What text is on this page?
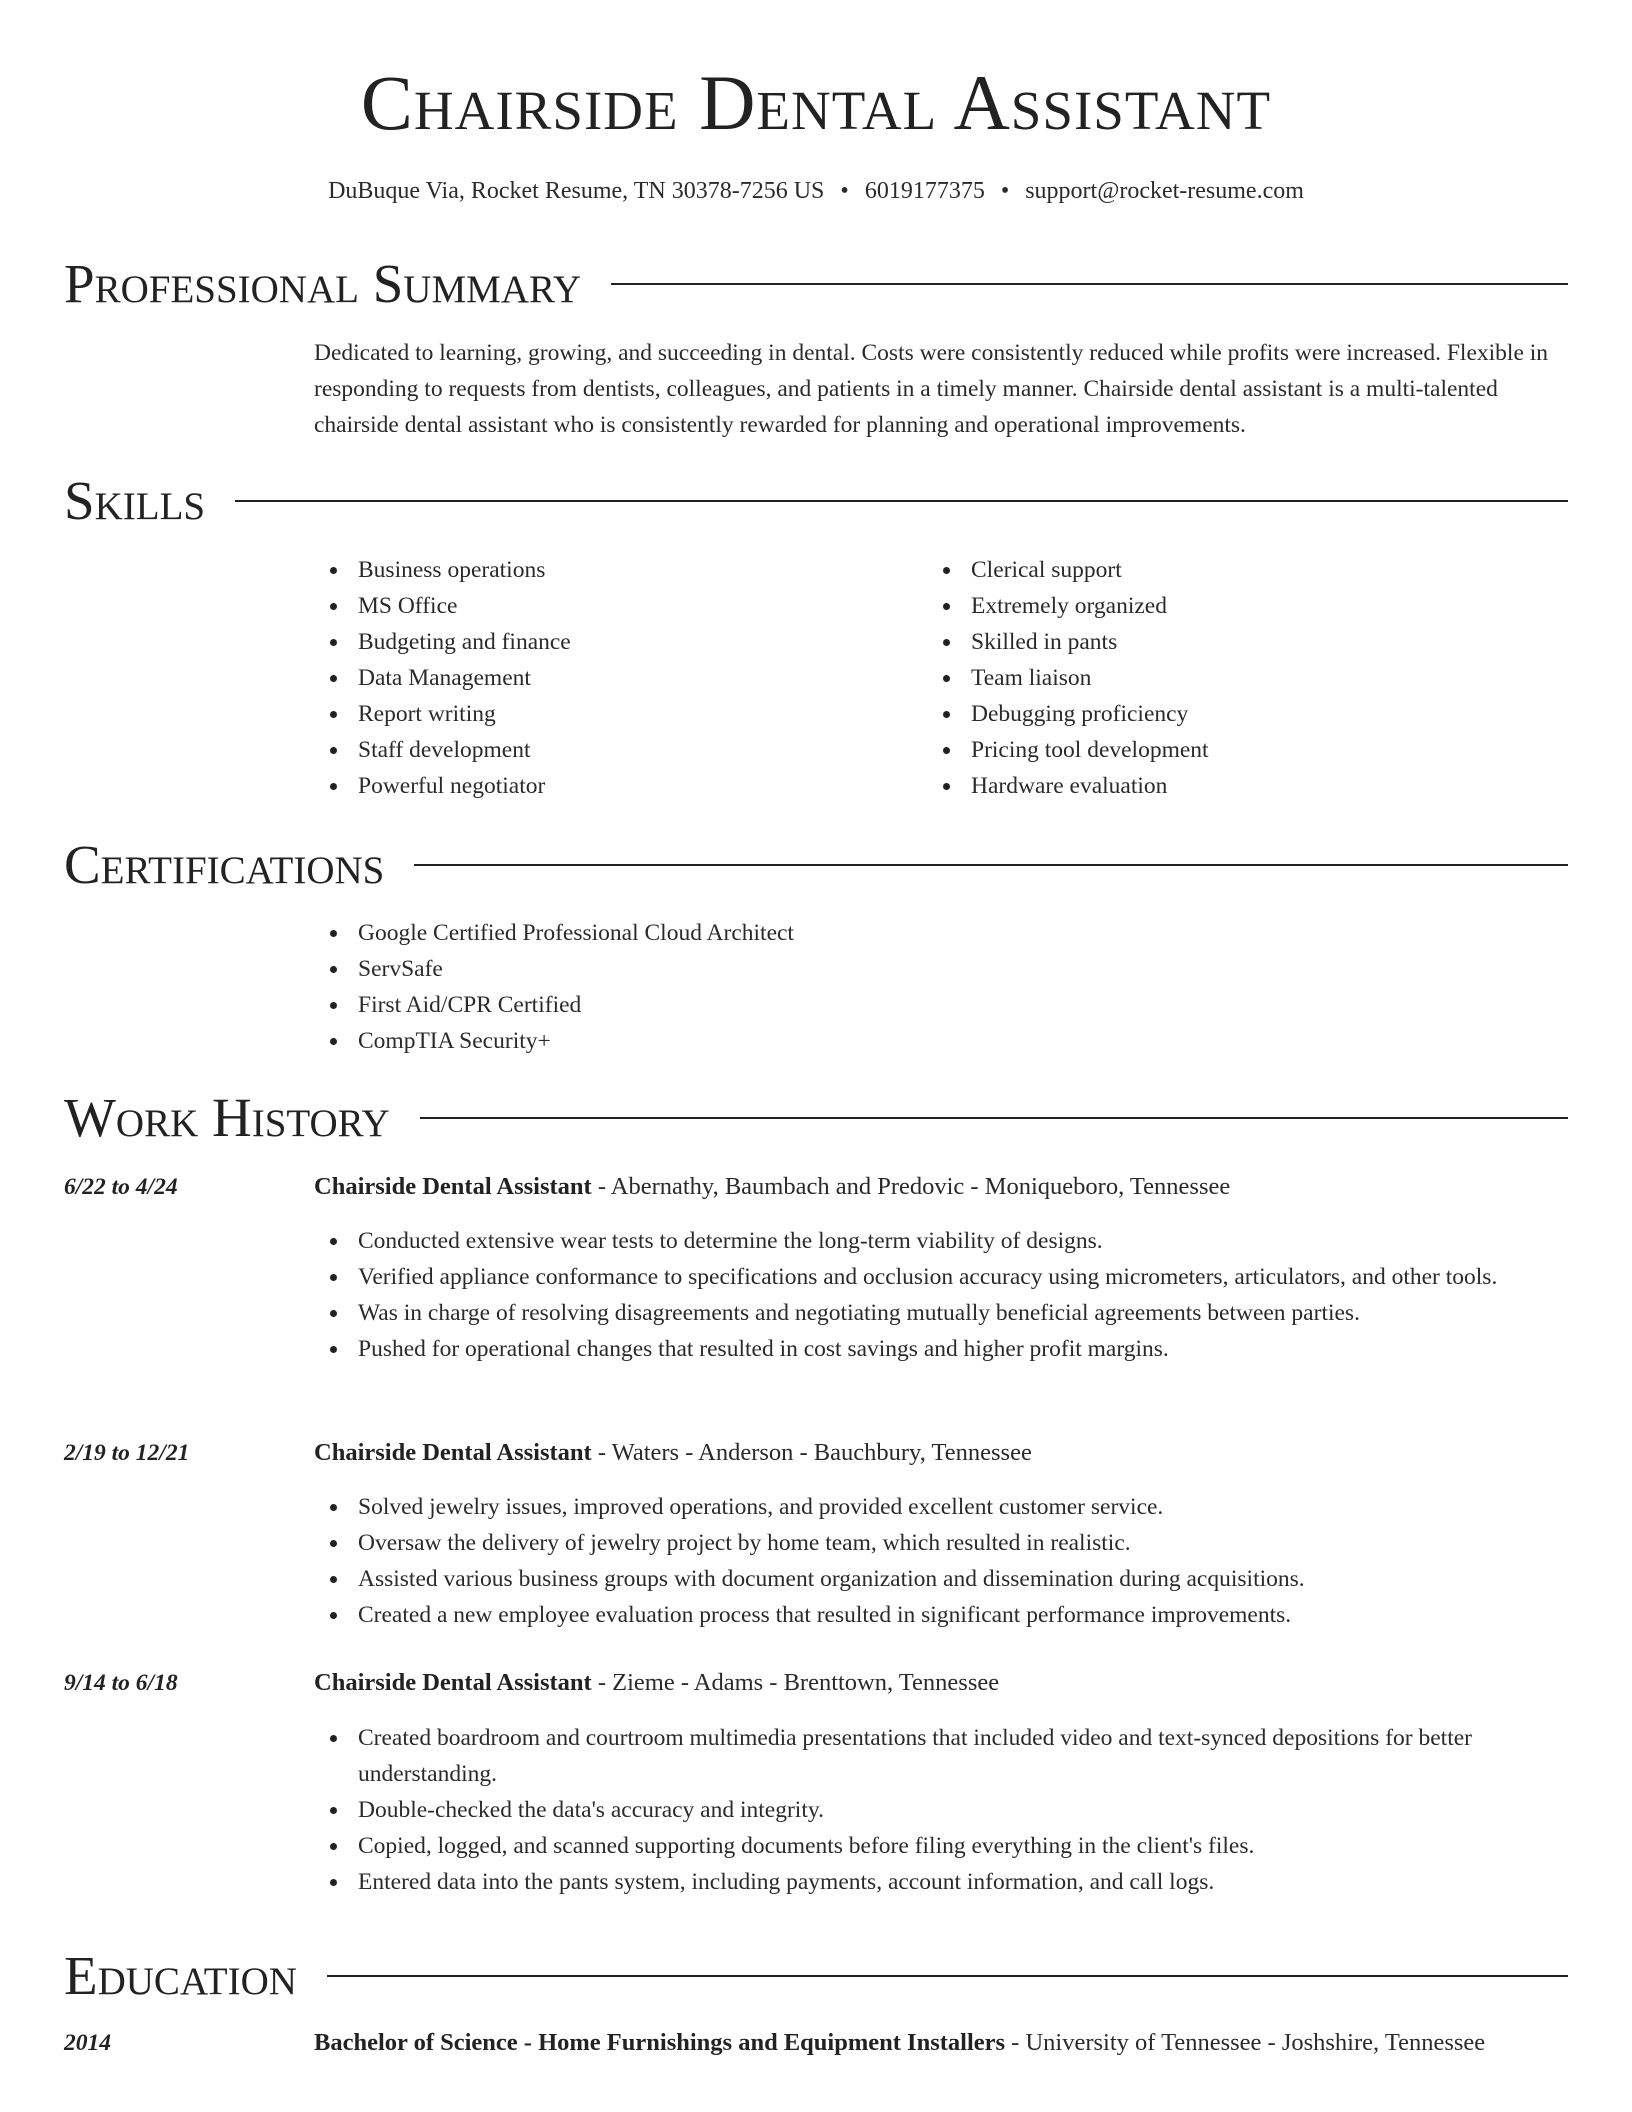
Chairside Dental Assistant
DuBuque Via, Rocket Resume, TN 30378-7256 US • 6019177375 • support@rocket-resume.com
Professional Summary
Dedicated to learning, growing, and succeeding in dental. Costs were consistently reduced while profits were increased. Flexible in responding to requests from dentists, colleagues, and patients in a timely manner. Chairside dental assistant is a multi-talented chairside dental assistant who is consistently rewarded for planning and operational improvements.
Skills
Business operations
MS Office
Budgeting and finance
Data Management
Report writing
Staff development
Powerful negotiator
Clerical support
Extremely organized
Skilled in pants
Team liaison
Debugging proficiency
Pricing tool development
Hardware evaluation
Certifications
Google Certified Professional Cloud Architect
ServSafe
First Aid/CPR Certified
CompTIA Security+
Work History
6/22 to 4/24	Chairside Dental Assistant - Abernathy, Baumbach and Predovic - Moniqueboro, Tennessee
Conducted extensive wear tests to determine the long-term viability of designs.
Verified appliance conformance to specifications and occlusion accuracy using micrometers, articulators, and other tools.
Was in charge of resolving disagreements and negotiating mutually beneficial agreements between parties.
Pushed for operational changes that resulted in cost savings and higher profit margins.
2/19 to 12/21	Chairside Dental Assistant - Waters - Anderson - Bauchbury, Tennessee
Solved jewelry issues, improved operations, and provided excellent customer service.
Oversaw the delivery of jewelry project by home team, which resulted in realistic.
Assisted various business groups with document organization and dissemination during acquisitions.
Created a new employee evaluation process that resulted in significant performance improvements.
9/14 to 6/18	Chairside Dental Assistant - Zieme - Adams - Brenttown, Tennessee
Created boardroom and courtroom multimedia presentations that included video and text-synced depositions for better understanding.
Double-checked the data's accuracy and integrity.
Copied, logged, and scanned supporting documents before filing everything in the client's files.
Entered data into the pants system, including payments, account information, and call logs.
Education
2014	Bachelor of Science - Home Furnishings and Equipment Installers - University of Tennessee - Joshshire, Tennessee
